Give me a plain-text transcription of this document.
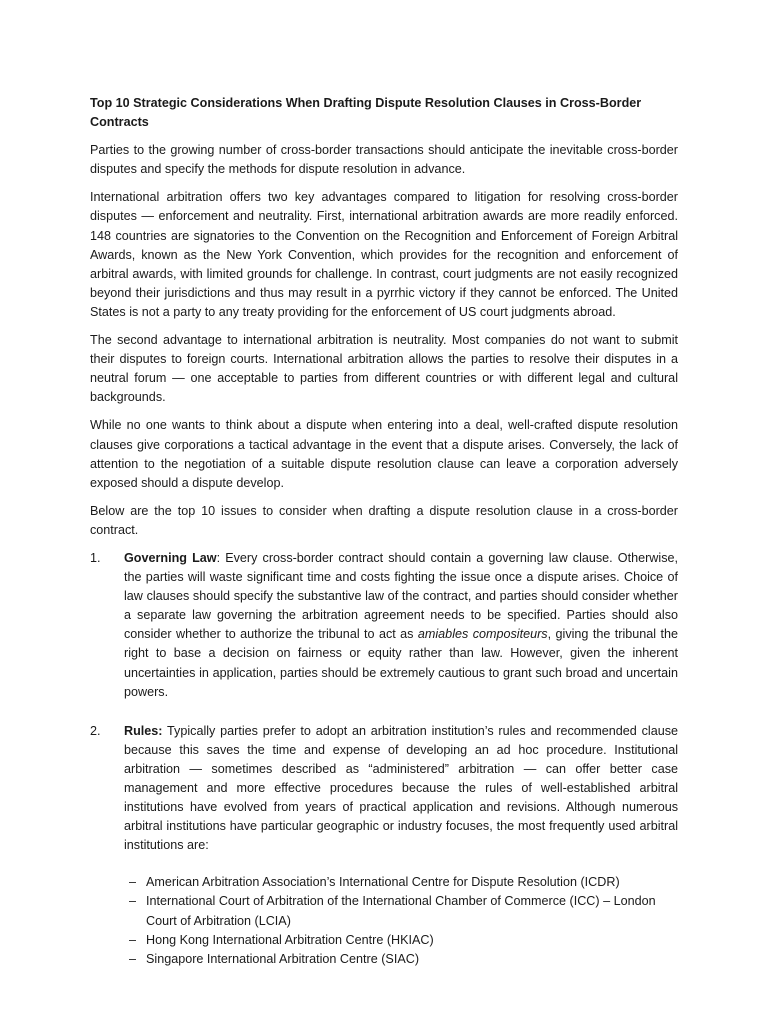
Top 10 Strategic Considerations When Drafting Dispute Resolution Clauses in Cross-Border Contracts

Parties to the growing number of cross-border transactions should anticipate the inevitable cross-border disputes and specify the methods for dispute resolution in advance.

International arbitration offers two key advantages compared to litigation for resolving cross-border disputes — enforcement and neutrality. First, international arbitration awards are more readily enforced. 148 countries are signatories to the Convention on the Recognition and Enforcement of Foreign Arbitral Awards, known as the New York Convention, which provides for the recognition and enforcement of arbitral awards, with limited grounds for challenge. In contrast, court judgments are not easily recognized beyond their jurisdictions and thus may result in a pyrrhic victory if they cannot be enforced. The United States is not a party to any treaty providing for the enforcement of US court judgments abroad.

The second advantage to international arbitration is neutrality. Most companies do not want to submit their disputes to foreign courts. International arbitration allows the parties to resolve their disputes in a neutral forum — one acceptable to parties from different countries or with different legal and cultural backgrounds.

While no one wants to think about a dispute when entering into a deal, well-crafted dispute resolution clauses give corporations a tactical advantage in the event that a dispute arises. Conversely, the lack of attention to the negotiation of a suitable dispute resolution clause can leave a corporation adversely exposed should a dispute develop.

Below are the top 10 issues to consider when drafting a dispute resolution clause in a cross-border contract.

1.	Governing Law: Every cross-border contract should contain a governing law clause. Otherwise, the parties will waste significant time and costs fighting the issue once a dispute arises. Choice of law clauses should specify the substantive law of the contract, and parties should consider whether a separate law governing the arbitration agreement needs to be specified. Parties should also consider whether to authorize the tribunal to act as amiables compositeurs, giving the tribunal the right to base a decision on fairness or equity rather than law. However, given the inherent uncertainties in application, parties should be extremely cautious to grant such broad and uncertain powers.
2.	Rules: Typically parties prefer to adopt an arbitration institution’s rules and recommended clause because this saves the time and expense of developing an ad hoc procedure. Institutional arbitration — sometimes described as “administered” arbitration — can offer better case management and more effective procedures because the rules of well-established arbitral institutions have evolved from years of practical application and revisions. Although numerous arbitral institutions have particular geographic or industry focuses, the most frequently used arbitral institutions are:
– American Arbitration Association’s International Centre for Dispute Resolution (ICDR)
– International Court of Arbitration of the International Chamber of Commerce (ICC) – London Court of Arbitration (LCIA)
– Hong Kong International Arbitration Centre (HKIAC)
– Singapore International Arbitration Centre (SIAC)
